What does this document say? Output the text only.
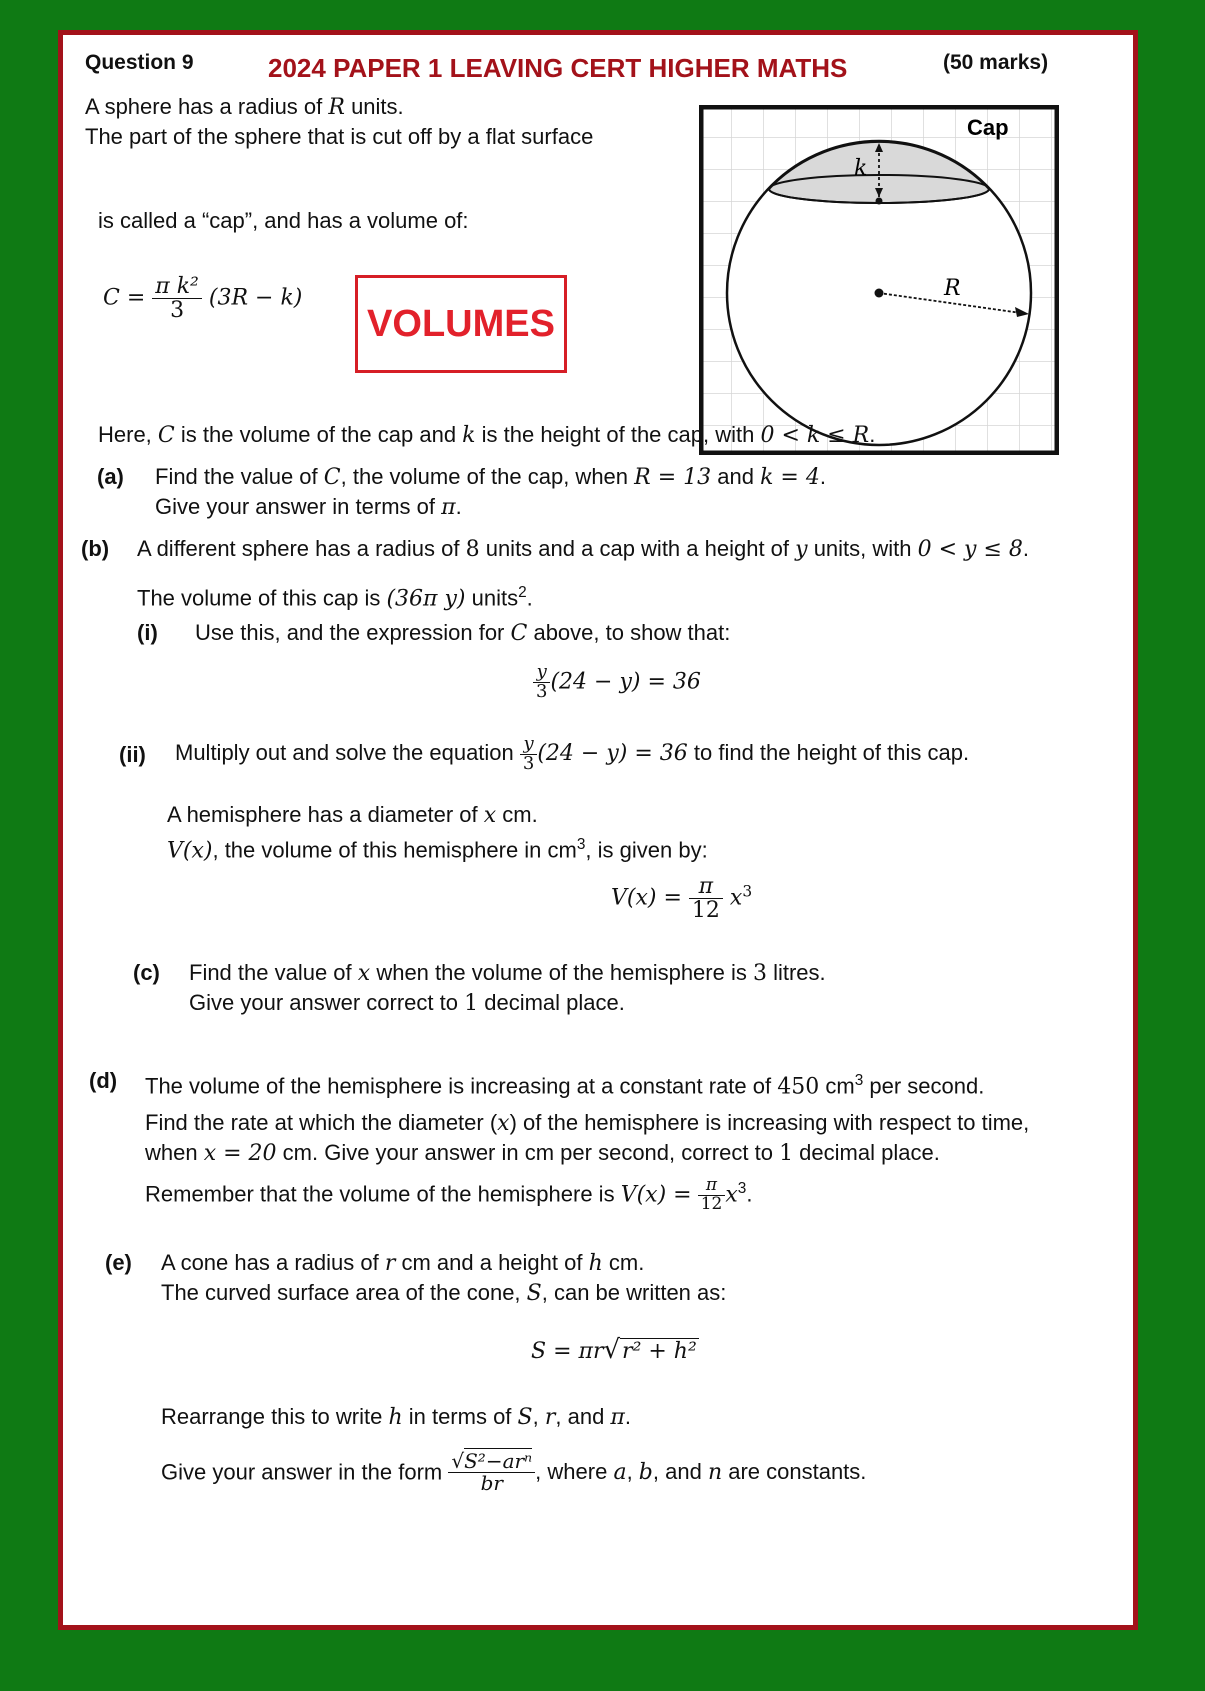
Question 9	2024 PAPER 1 LEAVING CERT HIGHER MATHS	(50 marks)
A sphere has a radius of R units.
The part of the sphere that is cut off by a flat surface
is called a “cap”, and has a volume of:
$C = \frac{\text{π k²}}{3} (3R - k)$
VOLUMES
k
R
Cap
Here, C is the volume of the cap and k is the height of the cap, with 0 < k ≤ R.
(a) Find the value of C, the volume of the cap, when R = 13 and k = 4.
Give your answer in terms of π.
(b) A different sphere has a radius of 8 units and a cap with a height of y units, with 0 < y ≤ 8.
The volume of this cap is (36π y) units$^2$.
(i) Use this, and the expression for C above, to show that:
$\frac{y}{3} (24 - y) = 36$
(ii) Multiply out and solve the equation $\frac{y}{3} (24 - y) = 36$ to find the height of this cap.
A hemisphere has a diameter of x cm.
V(x), the volume of this hemisphere in $cm^3$, is given by:
$V(x) = \frac{\pi}{12} x^3$
(c) Find the value of x when the volume of the hemisphere is 3 litres.
Give your answer correct to 1 decimal place.
(d) The volume of the hemisphere is increasing at a constant rate of 450 $cm^3$ per second.
Find the rate at which the diameter (x) of the hemisphere is increasing with respect to time,
when x = 20 cm. Give your answer in cm per second, correct to 1 decimal place.
Remember that the volume of the hemisphere is $V(x) = \frac{\pi}{12} x^3$.
(e) A cone has a radius of r cm and a height of h cm.
The curved surface area of the cone, S, can be written as:
S = πr√r² + h²
Rearrange this to write h in terms of S, r, and π.
Give your answer in the form $\frac{\text{√S²−arⁿ}}{br}$ , where a, b, and n are constants.
